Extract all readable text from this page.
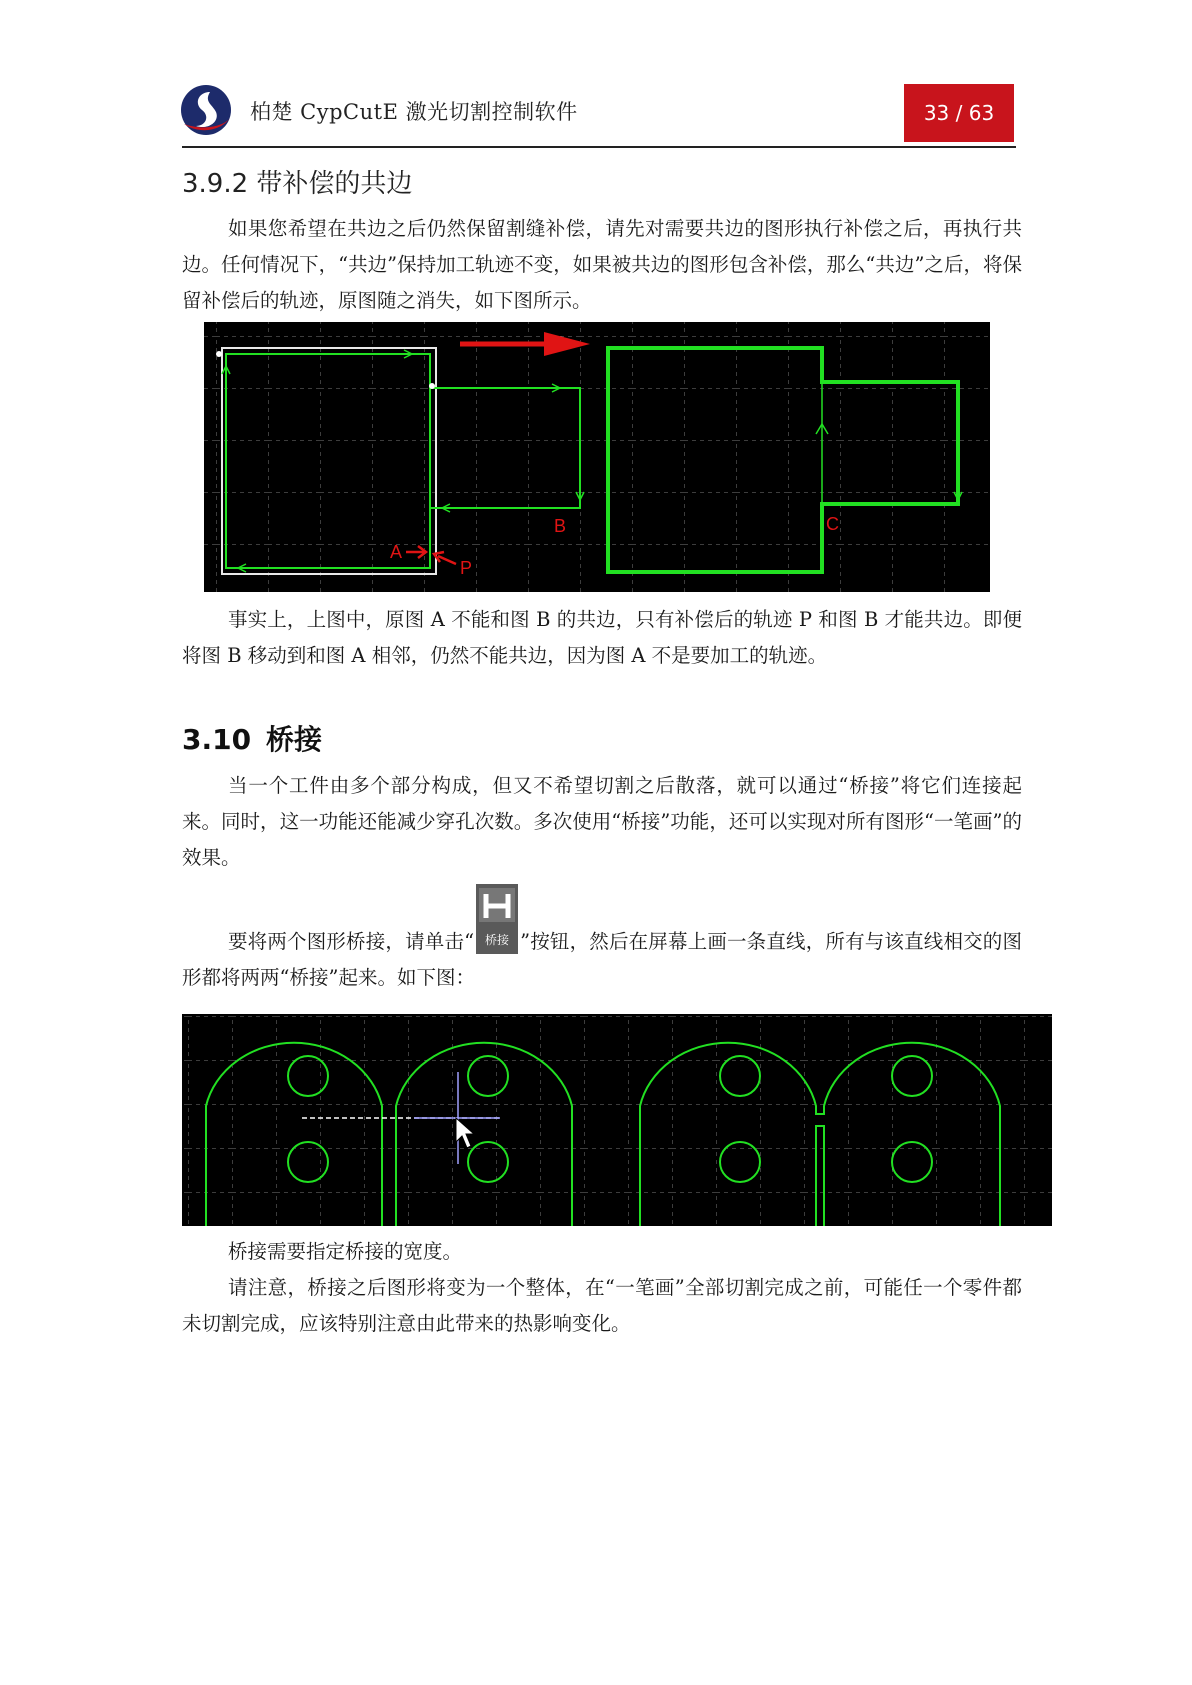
柏楚 CypCutE 激光切割控制软件	33 / 63
3.9.2 带补偿的共边
如果您希望在共边之后仍然保留割缝补偿，请先对需要共边的图形执行补偿之后，再执行共边。任何情况下，“共边”保持加工轨迹不变，如果被共边的图形包含补偿，那么“共边”之后，将保留补偿后的轨迹，原图随之消失，如下图所示。
B
A
P
C
事实上，上图中，原图 A 不能和图 B 的共边，只有补偿后的轨迹 P 和图 B 才能共边。即便将图 B 移动到和图 A 相邻，仍然不能共边，因为图 A 不是要加工的轨迹。
3.10 桥接
当一个工件由多个部分构成，但又不希望切割之后散落，就可以通过“桥接”将它们连接起来。同时，这一功能还能减少穿孔次数。多次使用“桥接”功能，还可以实现对所有图形“一笔画”的效果。
要将两个图形桥接，请单击“ 桥接 ”按钮，然后在屏幕上画一条直线，所有与该直线相交的图形都将两两“桥接”起来。如下图：
桥接需要指定桥接的宽度。
请注意，桥接之后图形将变为一个整体，在“一笔画”全部切割完成之前，可能任一个零件都未切割完成，应该特别注意由此带来的热影响变化。
